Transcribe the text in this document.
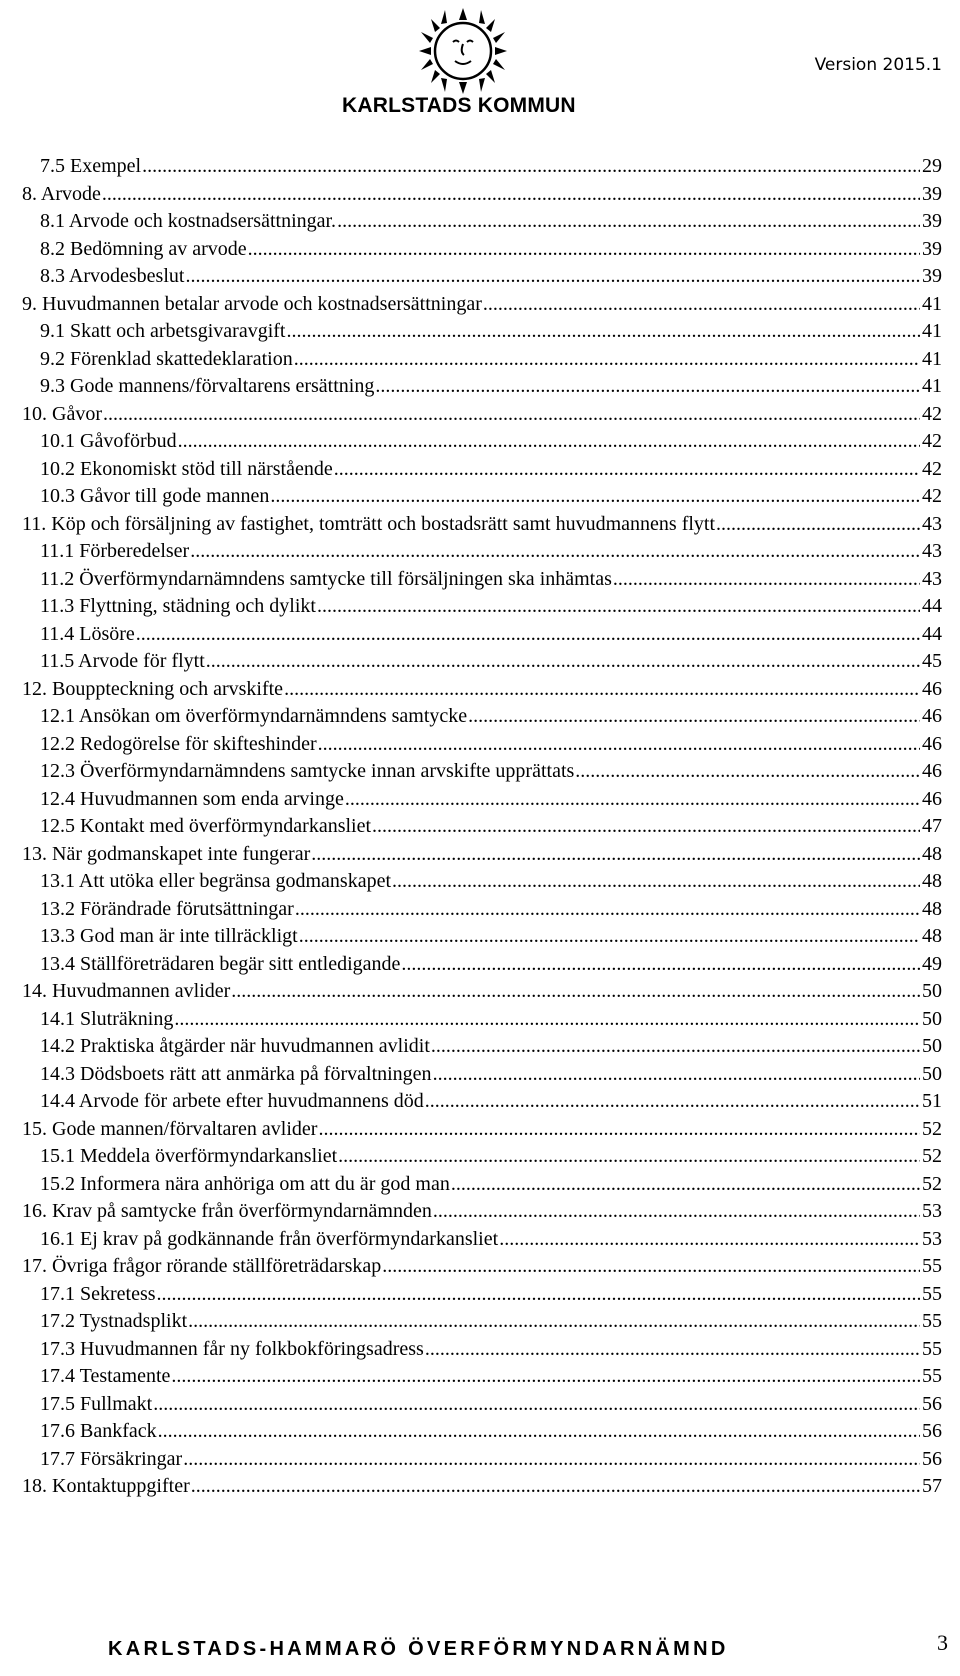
KARLSTADS KOMMUN
Version 2015.1
7.5 Exempel .....	29
8. Arvode .....	39
8.1 Arvode och kostnadsersättningar. .....	39
8.2 Bedömning av arvode .....	39
8.3 Arvodesbeslut .....	39
9. Huvudmannen betalar arvode och kostnadsersättningar .....	41
9.1 Skatt och arbetsgivaravgift .....	41
9.2 Förenklad skattedeklaration .....	41
9.3 Gode mannens/förvaltarens ersättning .....	41
10. Gåvor .....	42
10.1 Gåvoförbud .....	42
10.2 Ekonomiskt stöd till närstående .....	42
10.3 Gåvor till gode mannen .....	42
11. Köp och försäljning av fastighet, tomträtt och bostadsrätt samt huvudmannens flytt .....	43
11.1 Förberedelser .....	43
11.2 Överförmyndarnämndens samtycke till försäljningen ska inhämtas .....	43
11.3 Flyttning, städning och dylikt .....	44
11.4 Lösöre .....	44
11.5 Arvode för flytt .....	45
12. Bouppteckning och arvskifte .....	46
12.1 Ansökan om överförmyndarnämndens samtycke .....	46
12.2 Redogörelse för skifteshinder .....	46
12.3 Överförmyndarnämndens samtycke innan arvskifte upprättats .....	46
12.4 Huvudmannen som enda arvinge .....	46
12.5 Kontakt med överförmyndarkansliet .....	47
13. När godmanskapet inte fungerar .....	48
13.1 Att utöka eller begränsa godmanskapet .....	48
13.2 Förändrade förutsättningar .....	48
13.3 God man är inte tillräckligt .....	48
13.4 Ställföreträdaren begär sitt entledigande .....	49
14. Huvudmannen avlider .....	50
14.1 Sluträkning .....	50
14.2 Praktiska åtgärder när huvudmannen avlidit .....	50
14.3 Dödsboets rätt att anmärka på förvaltningen .....	50
14.4 Arvode för arbete efter huvudmannens död .....	51
15. Gode mannen/förvaltaren avlider .....	52
15.1 Meddela överförmyndarkansliet .....	52
15.2 Informera nära anhöriga om att du är god man .....	52
16. Krav på samtycke från överförmyndarnämnden .....	53
16.1 Ej krav på godkännande från överförmyndarkansliet .....	53
17. Övriga frågor rörande ställföreträdarskap .....	55
17.1 Sekretess .....	55
17.2 Tystnadsplikt .....	55
17.3 Huvudmannen får ny folkbokföringsadress .....	55
17.4 Testamente .....	55
17.5 Fullmakt .....	56
17.6 Bankfack .....	56
17.7 Försäkringar .....	56
18. Kontaktuppgifter .....	57
KARLSTADS-HAMMARÖ ÖVERFÖRMYNDARNÄMND	3
